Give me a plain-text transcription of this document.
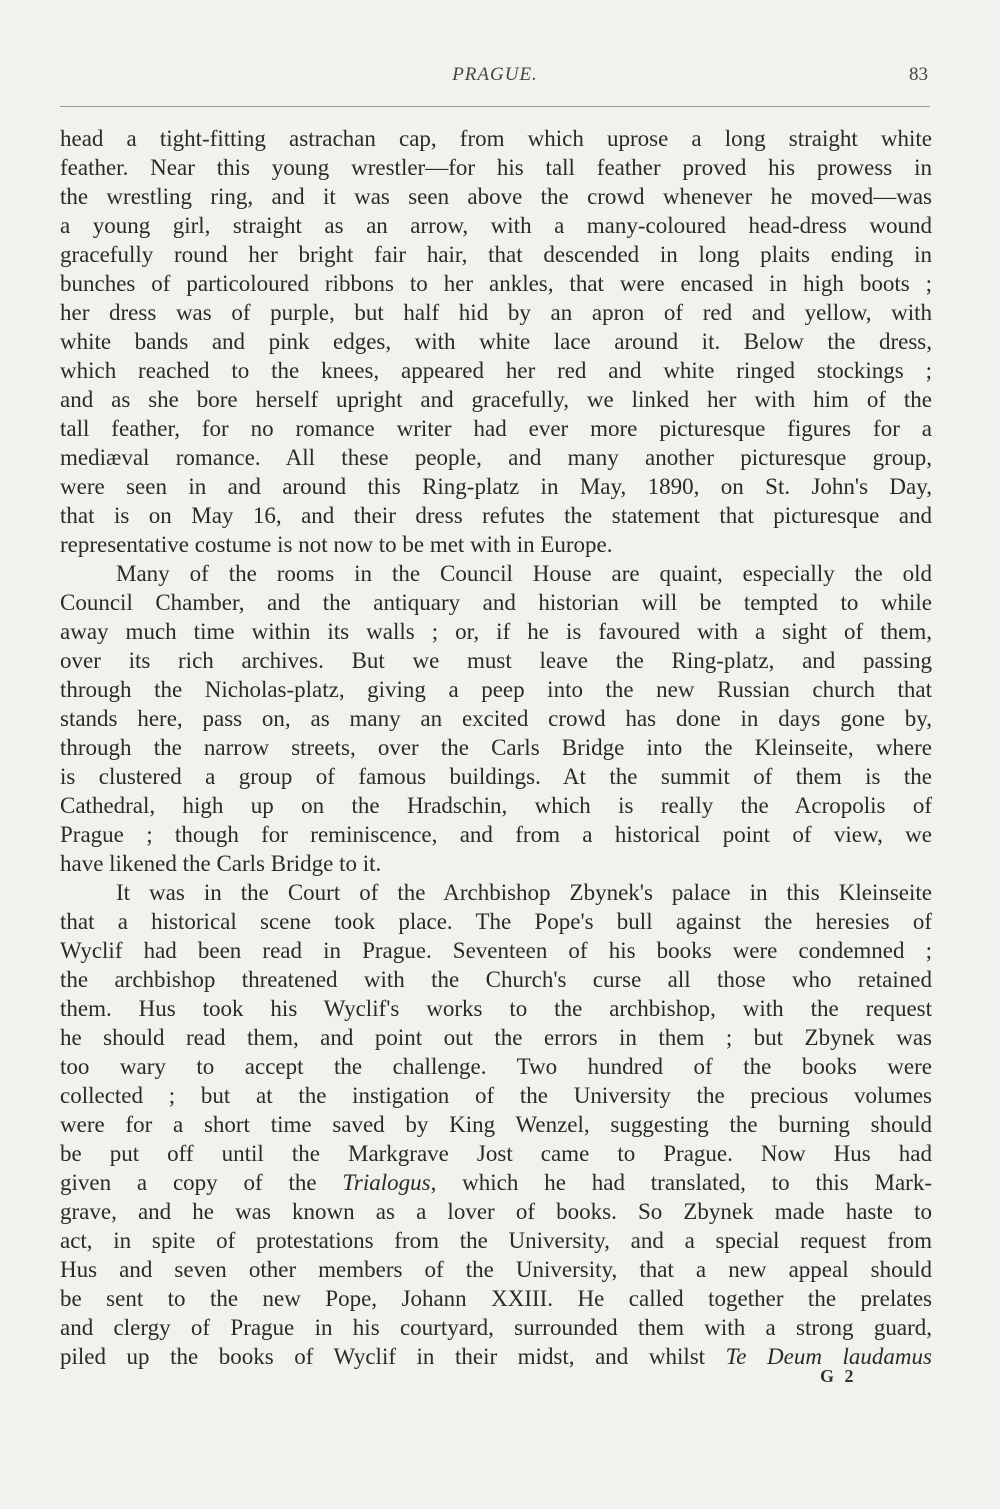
PRAGUE.	83
head a tight-fitting astrachan cap, from which uprose a long straight white
feather. Near this young wrestler—for his tall feather proved his prowess in
the wrestling ring, and it was seen above the crowd whenever he moved—was
a young girl, straight as an arrow, with a many-coloured head-dress wound
gracefully round her bright fair hair, that descended in long plaits ending in
bunches of particoloured ribbons to her ankles, that were encased in high boots ;
her dress was of purple, but half hid by an apron of red and yellow, with
white bands and pink edges, with white lace around it. Below the dress,
which reached to the knees, appeared her red and white ringed stockings ;
and as she bore herself upright and gracefully, we linked her with him of the
tall feather, for no romance writer had ever more picturesque figures for a
mediæval romance. All these people, and many another picturesque group,
were seen in and around this Ring-platz in May, 1890, on St. John's Day,
that is on May 16, and their dress refutes the statement that picturesque and
representative costume is not now to be met with in Europe.
Many of the rooms in the Council House are quaint, especially the old
Council Chamber, and the antiquary and historian will be tempted to while
away much time within its walls ; or, if he is favoured with a sight of them,
over its rich archives. But we must leave the Ring-platz, and passing
through the Nicholas-platz, giving a peep into the new Russian church that
stands here, pass on, as many an excited crowd has done in days gone by,
through the narrow streets, over the Carls Bridge into the Kleinseite, where
is clustered a group of famous buildings. At the summit of them is the
Cathedral, high up on the Hradschin, which is really the Acropolis of
Prague ; though for reminiscence, and from a historical point of view, we
have likened the Carls Bridge to it.
It was in the Court of the Archbishop Zbynek's palace in this Kleinseite
that a historical scene took place. The Pope's bull against the heresies of
Wyclif had been read in Prague. Seventeen of his books were condemned ;
the archbishop threatened with the Church's curse all those who retained
them. Hus took his Wyclif's works to the archbishop, with the request
he should read them, and point out the errors in them ; but Zbynek was
too wary to accept the challenge. Two hundred of the books were
collected ; but at the instigation of the University the precious volumes
were for a short time saved by King Wenzel, suggesting the burning should
be put off until the Markgrave Jost came to Prague. Now Hus had
given a copy of the Trialogus, which he had translated, to this Mark-
grave, and he was known as a lover of books. So Zbynek made haste to
act, in spite of protestations from the University, and a special request from
Hus and seven other members of the University, that a new appeal should
be sent to the new Pope, Johann XXIII. He called together the prelates
and clergy of Prague in his courtyard, surrounded them with a strong guard,
piled up the books of Wyclif in their midst, and whilst Te Deum laudamus
G 2
